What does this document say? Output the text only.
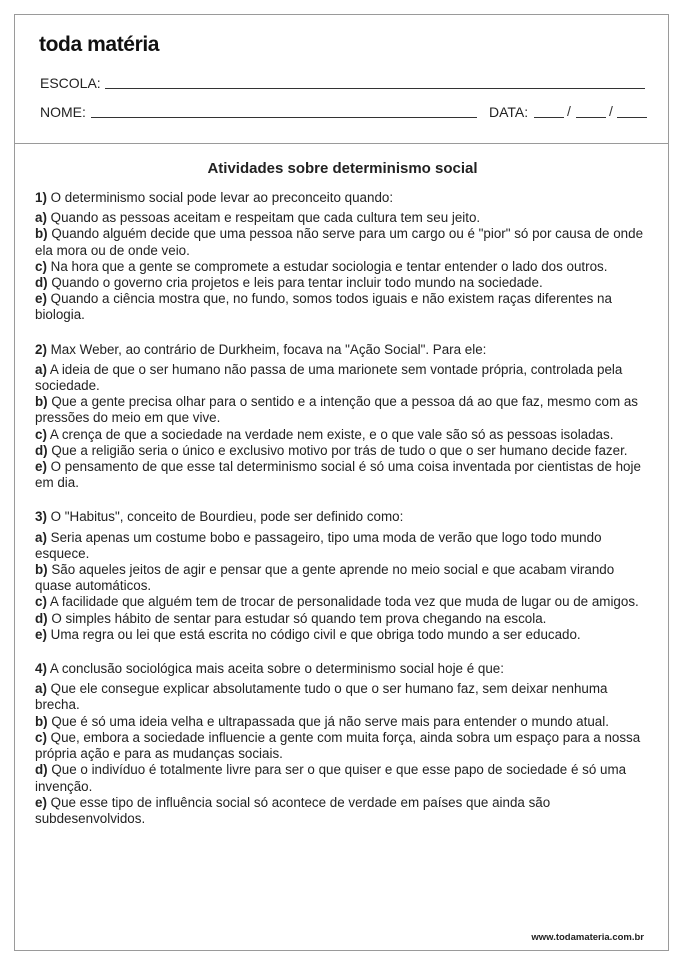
toda matéria
ESCOLA:
NOME:	DATA:	/	/
Atividades sobre determinismo social
1) O determinismo social pode levar ao preconceito quando:

a) Quando as pessoas aceitam e respeitam que cada cultura tem seu jeito.

b) Quando alguém decide que uma pessoa não serve para um cargo ou é "pior" só por causa de onde ela mora ou de onde veio.

c) Na hora que a gente se compromete a estudar sociologia e tentar entender o lado dos outros.

d) Quando o governo cria projetos e leis para tentar incluir todo mundo na sociedade.

e) Quando a ciência mostra que, no fundo, somos todos iguais e não existem raças diferentes na biologia.

2) Max Weber, ao contrário de Durkheim, focava na "Ação Social". Para ele:

a) A ideia de que o ser humano não passa de uma marionete sem vontade própria, controlada pela sociedade.

b) Que a gente precisa olhar para o sentido e a intenção que a pessoa dá ao que faz, mesmo com as pressões do meio em que vive.

c) A crença de que a sociedade na verdade nem existe, e o que vale são só as pessoas isoladas.

d) Que a religião seria o único e exclusivo motivo por trás de tudo o que o ser humano decide fazer.

e) O pensamento de que esse tal determinismo social é só uma coisa inventada por cientistas de hoje em dia.

3) O "Habitus", conceito de Bourdieu, pode ser definido como:

a) Seria apenas um costume bobo e passageiro, tipo uma moda de verão que logo todo mundo esquece.

b) São aqueles jeitos de agir e pensar que a gente aprende no meio social e que acabam virando quase automáticos.

c) A facilidade que alguém tem de trocar de personalidade toda vez que muda de lugar ou de amigos.

d) O simples hábito de sentar para estudar só quando tem prova chegando na escola.

e) Uma regra ou lei que está escrita no código civil e que obriga todo mundo a ser educado.

4) A conclusão sociológica mais aceita sobre o determinismo social hoje é que:

a) Que ele consegue explicar absolutamente tudo o que o ser humano faz, sem deixar nenhuma brecha.

b) Que é só uma ideia velha e ultrapassada que já não serve mais para entender o mundo atual.

c) Que, embora a sociedade influencie a gente com muita força, ainda sobra um espaço para a nossa própria ação e para as mudanças sociais.

d) Que o indivíduo é totalmente livre para ser o que quiser e que esse papo de sociedade é só uma invenção.

e) Que esse tipo de influência social só acontece de verdade em países que ainda são subdesenvolvidos.

www.todamateria.com.br
